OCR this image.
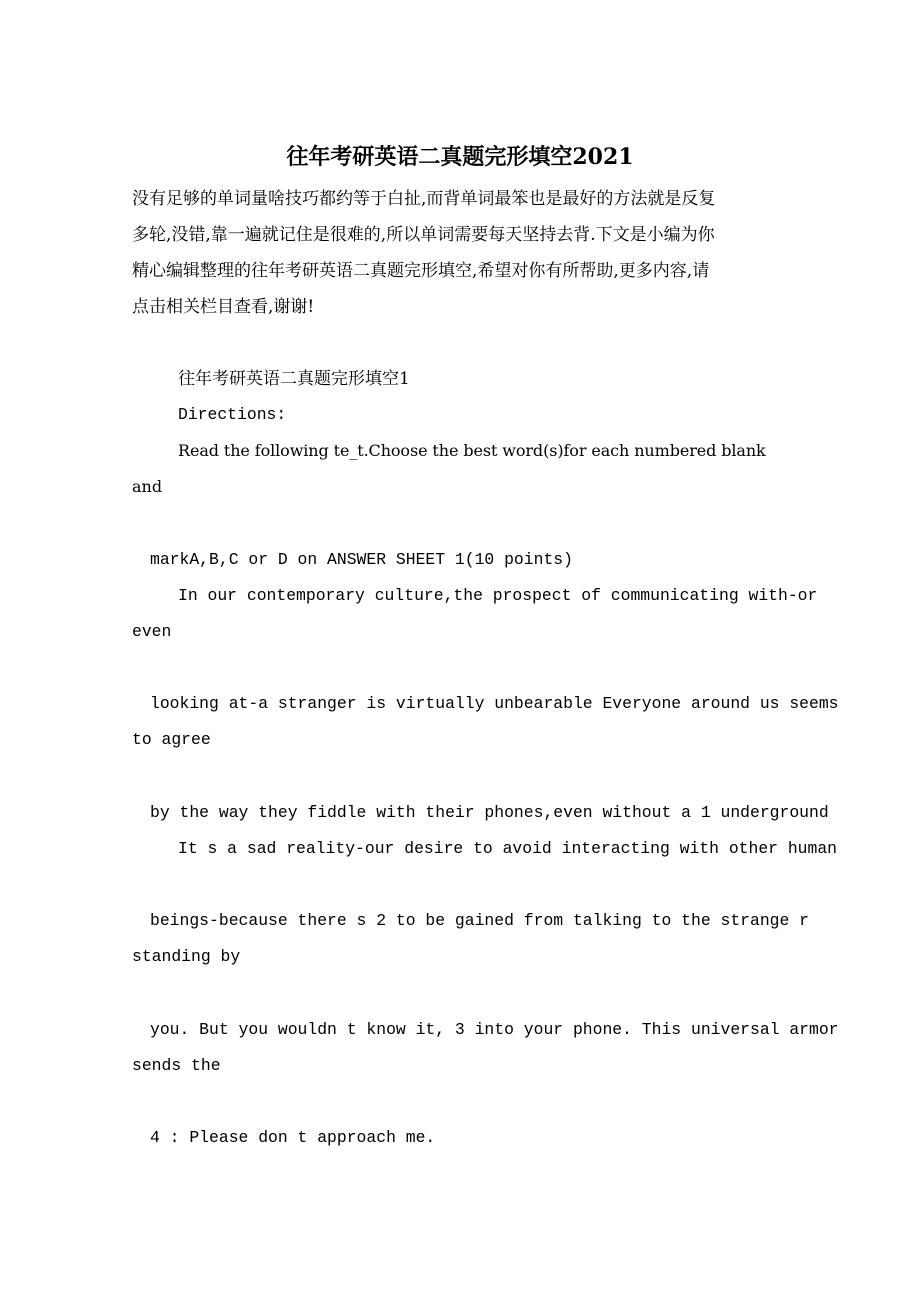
往年考研英语二真题完形填空2021
没有足够的单词量啥技巧都约等于白扯,而背单词最笨也是最好的方法就是反复
多轮,没错,靠一遍就记住是很难的,所以单词需要每天坚持去背.下文是小编为你
精心编辑整理的往年考研英语二真题完形填空,希望对你有所帮助,更多内容,请
点击相关栏目查看,谢谢!
往年考研英语二真题完形填空1
Directions:
Read the following te_t.Choose the best word(s)for each numbered blank
and
markA,B,C or D on ANSWER SHEET 1(10 points)
In our contemporary culture,the prospect of communicating with-or
even
looking at-a stranger is virtually unbearable Everyone around us seems
to agree
by the way they fiddle with their phones,even without a 1 underground
It s a sad reality-our desire to avoid interacting with other human
beings-because there s 2 to be gained from talking to the strange r
standing by
you. But you wouldn t know it, 3 into your phone. This universal armor
sends the
4 : Please don t approach me.
